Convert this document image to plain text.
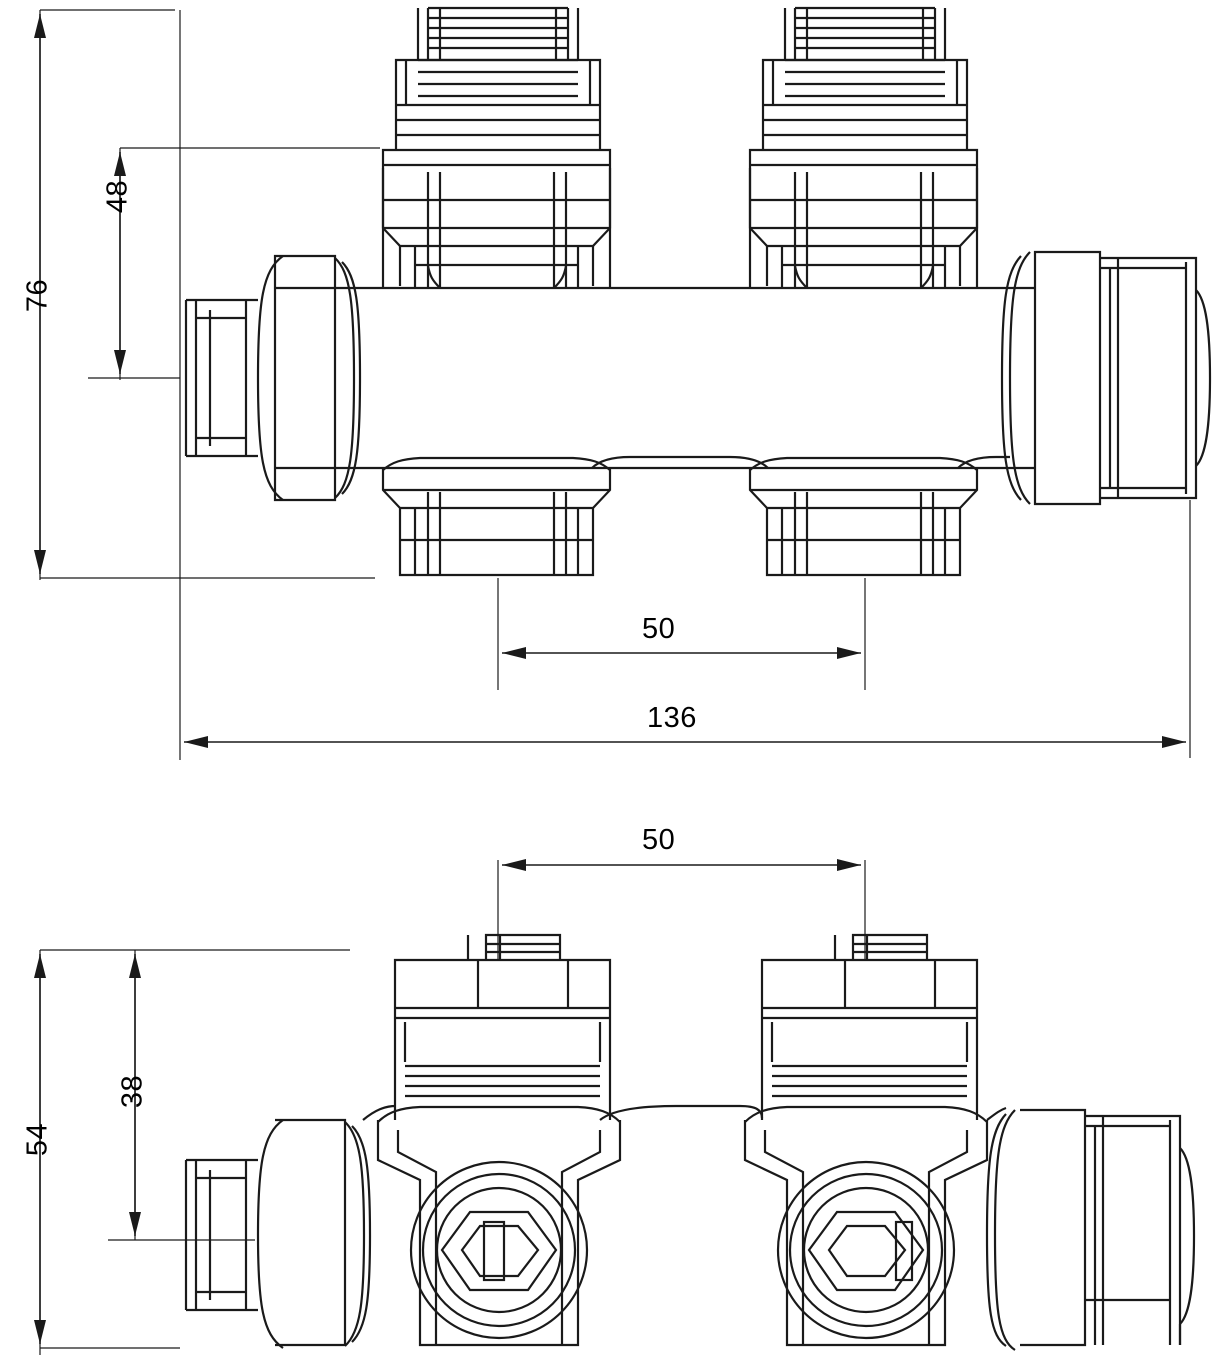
76
48
50
136
50
54
38
